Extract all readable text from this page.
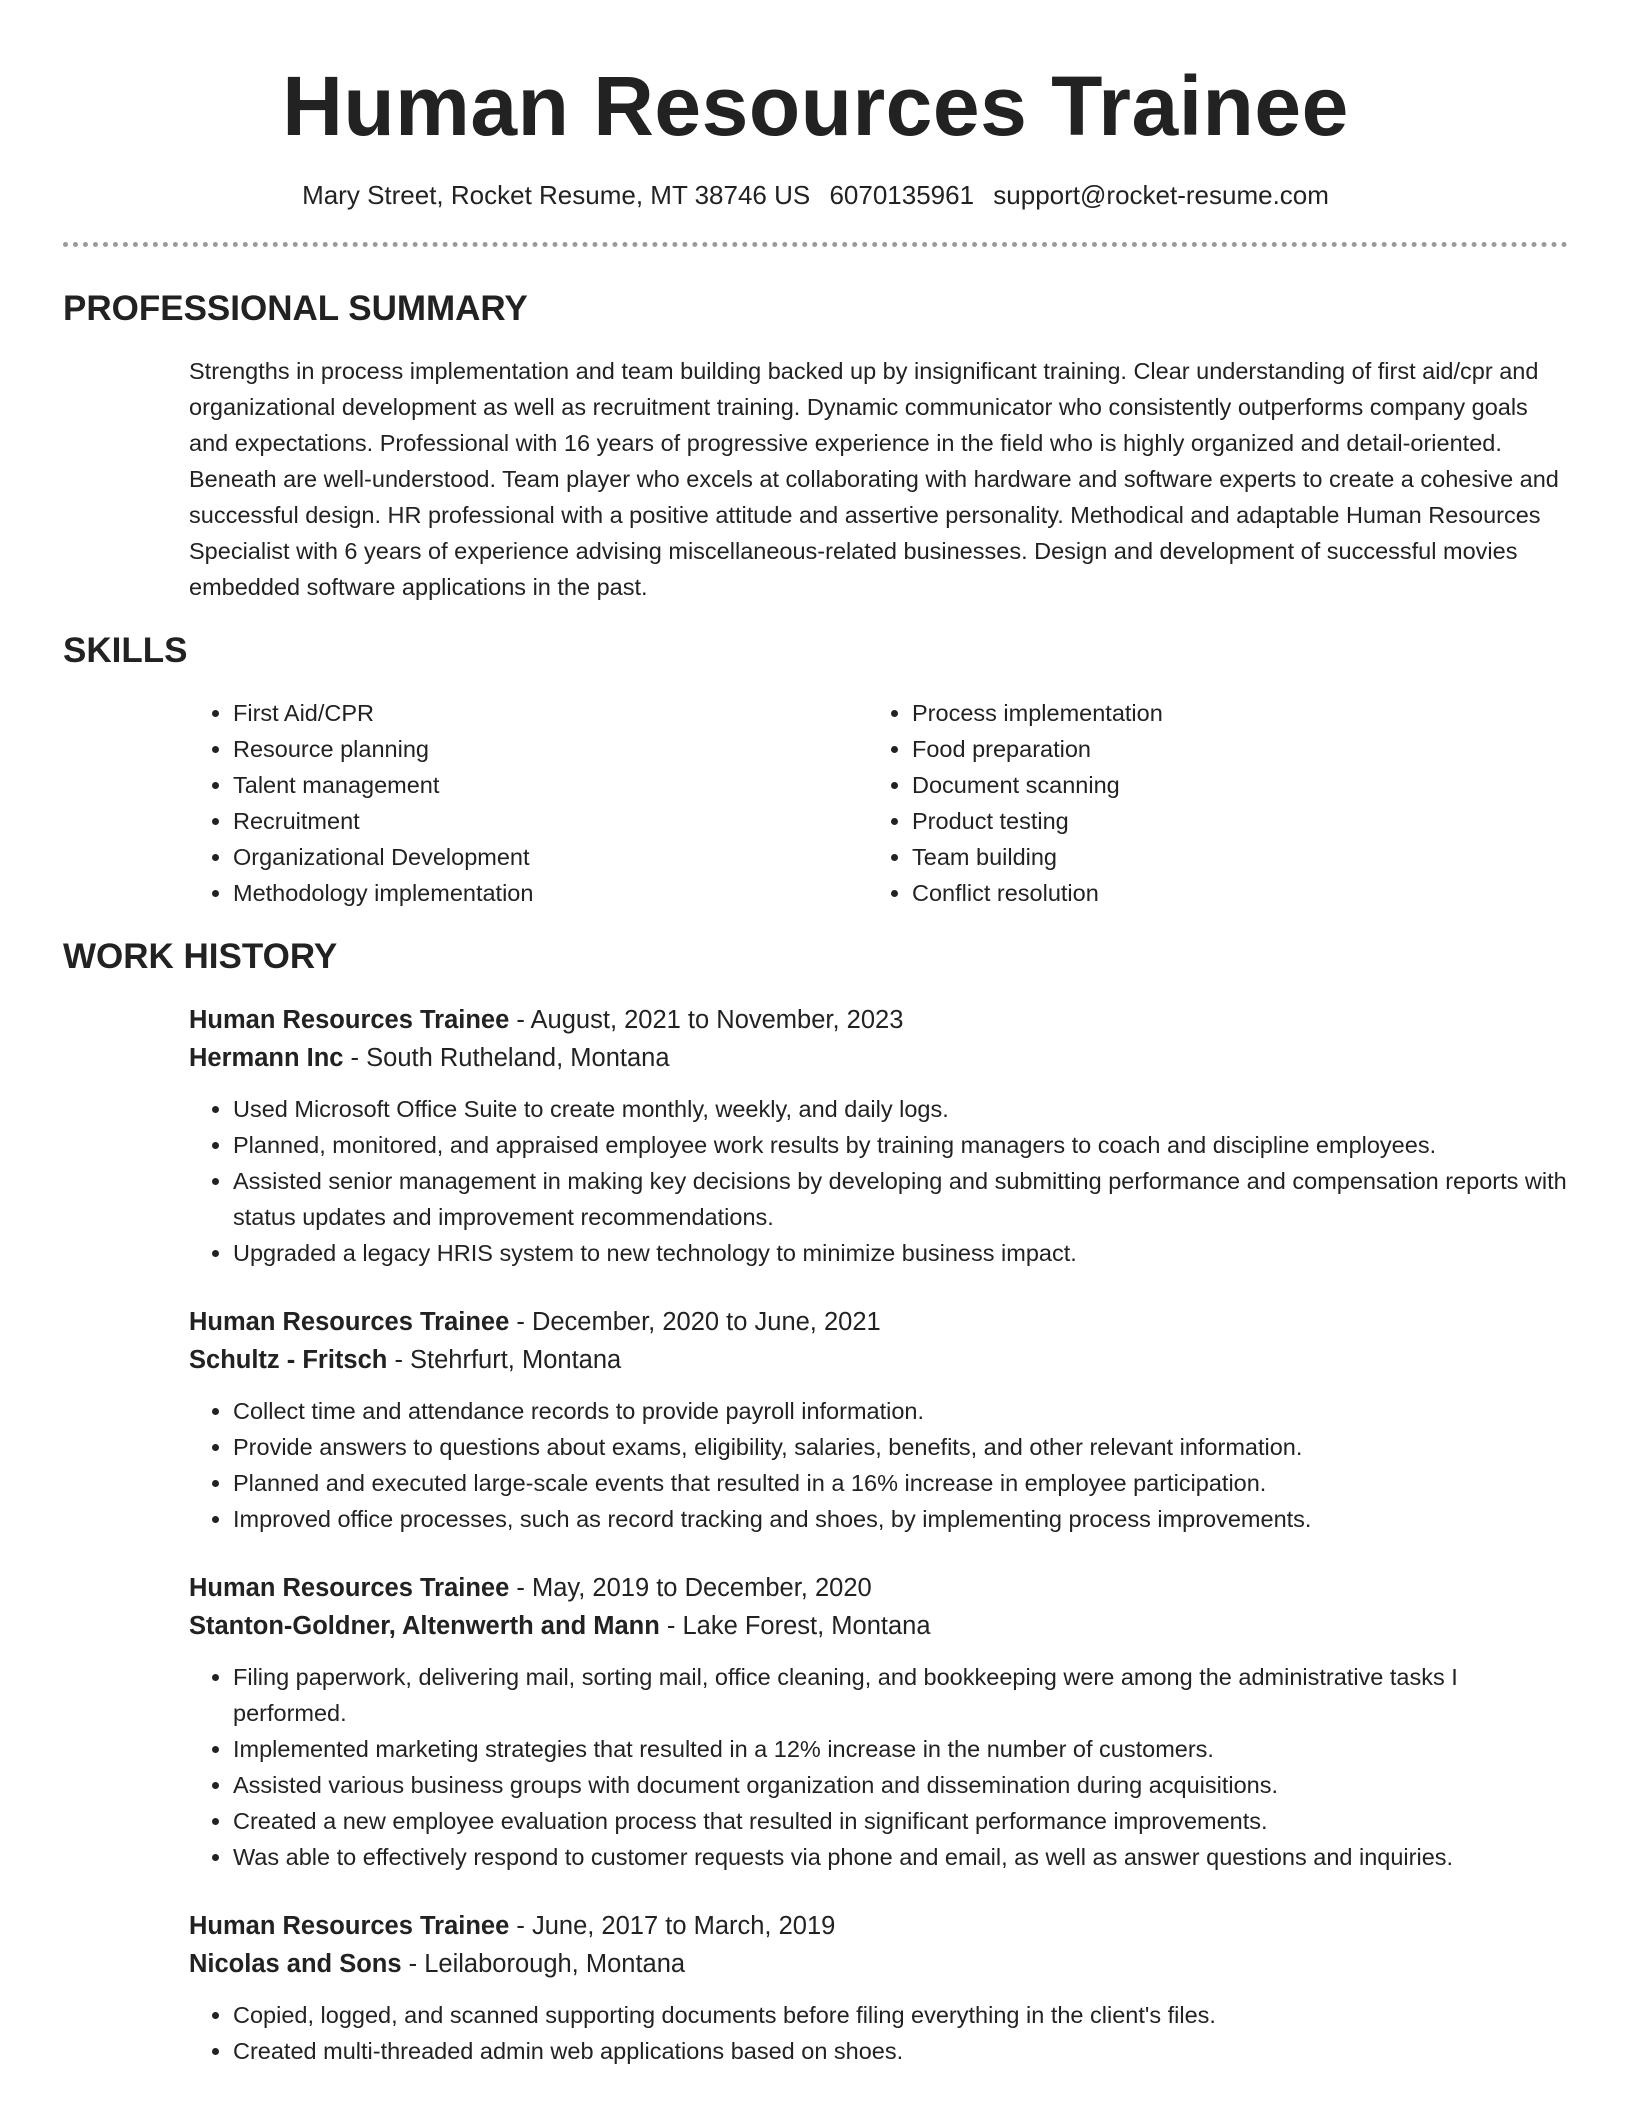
Human Resources Trainee
Mary Street, Rocket Resume, MT 38746 US 6070135961 support@rocket-resume.com
PROFESSIONAL SUMMARY

Strengths in process implementation and team building backed up by insignificant training. Clear understanding of first aid/cpr and organizational development as well as recruitment training. Dynamic communicator who consistently outperforms company goals and expectations. Professional with 16 years of progressive experience in the field who is highly organized and detail-oriented. Beneath are well-understood. Team player who excels at collaborating with hardware and software experts to create a cohesive and successful design. HR professional with a positive attitude and assertive personality. Methodical and adaptable Human Resources Specialist with 6 years of experience advising miscellaneous-related businesses. Design and development of successful movies embedded software applications in the past.

SKILLS
• First Aid/CPR
• Resource planning
• Talent management
• Recruitment
• Organizational Development
• Methodology implementation
• Process implementation
• Food preparation
• Document scanning
• Product testing
• Team building
• Conflict resolution
WORK HISTORY
Human Resources Trainee - August, 2021 to November, 2023
Hermann Inc - South Rutheland, Montana
• Used Microsoft Office Suite to create monthly, weekly, and daily logs.
• Planned, monitored, and appraised employee work results by training managers to coach and discipline employees.
• Assisted senior management in making key decisions by developing and submitting performance and compensation reports with status updates and improvement recommendations.
• Upgraded a legacy HRIS system to new technology to minimize business impact.
Human Resources Trainee - December, 2020 to June, 2021
Schultz - Fritsch - Stehrfurt, Montana
• Collect time and attendance records to provide payroll information.
• Provide answers to questions about exams, eligibility, salaries, benefits, and other relevant information.
• Planned and executed large-scale events that resulted in a 16% increase in employee participation.
• Improved office processes, such as record tracking and shoes, by implementing process improvements.
Human Resources Trainee - May, 2019 to December, 2020
Stanton-Goldner, Altenwerth and Mann - Lake Forest, Montana
• Filing paperwork, delivering mail, sorting mail, office cleaning, and bookkeeping were among the administrative tasks I performed.
• Implemented marketing strategies that resulted in a 12% increase in the number of customers.
• Assisted various business groups with document organization and dissemination during acquisitions.
• Created a new employee evaluation process that resulted in significant performance improvements.
• Was able to effectively respond to customer requests via phone and email, as well as answer questions and inquiries.
Human Resources Trainee - June, 2017 to March, 2019
Nicolas and Sons - Leilaborough, Montana
• Copied, logged, and scanned supporting documents before filing everything in the client's files.
• Created multi-threaded admin web applications based on shoes.
